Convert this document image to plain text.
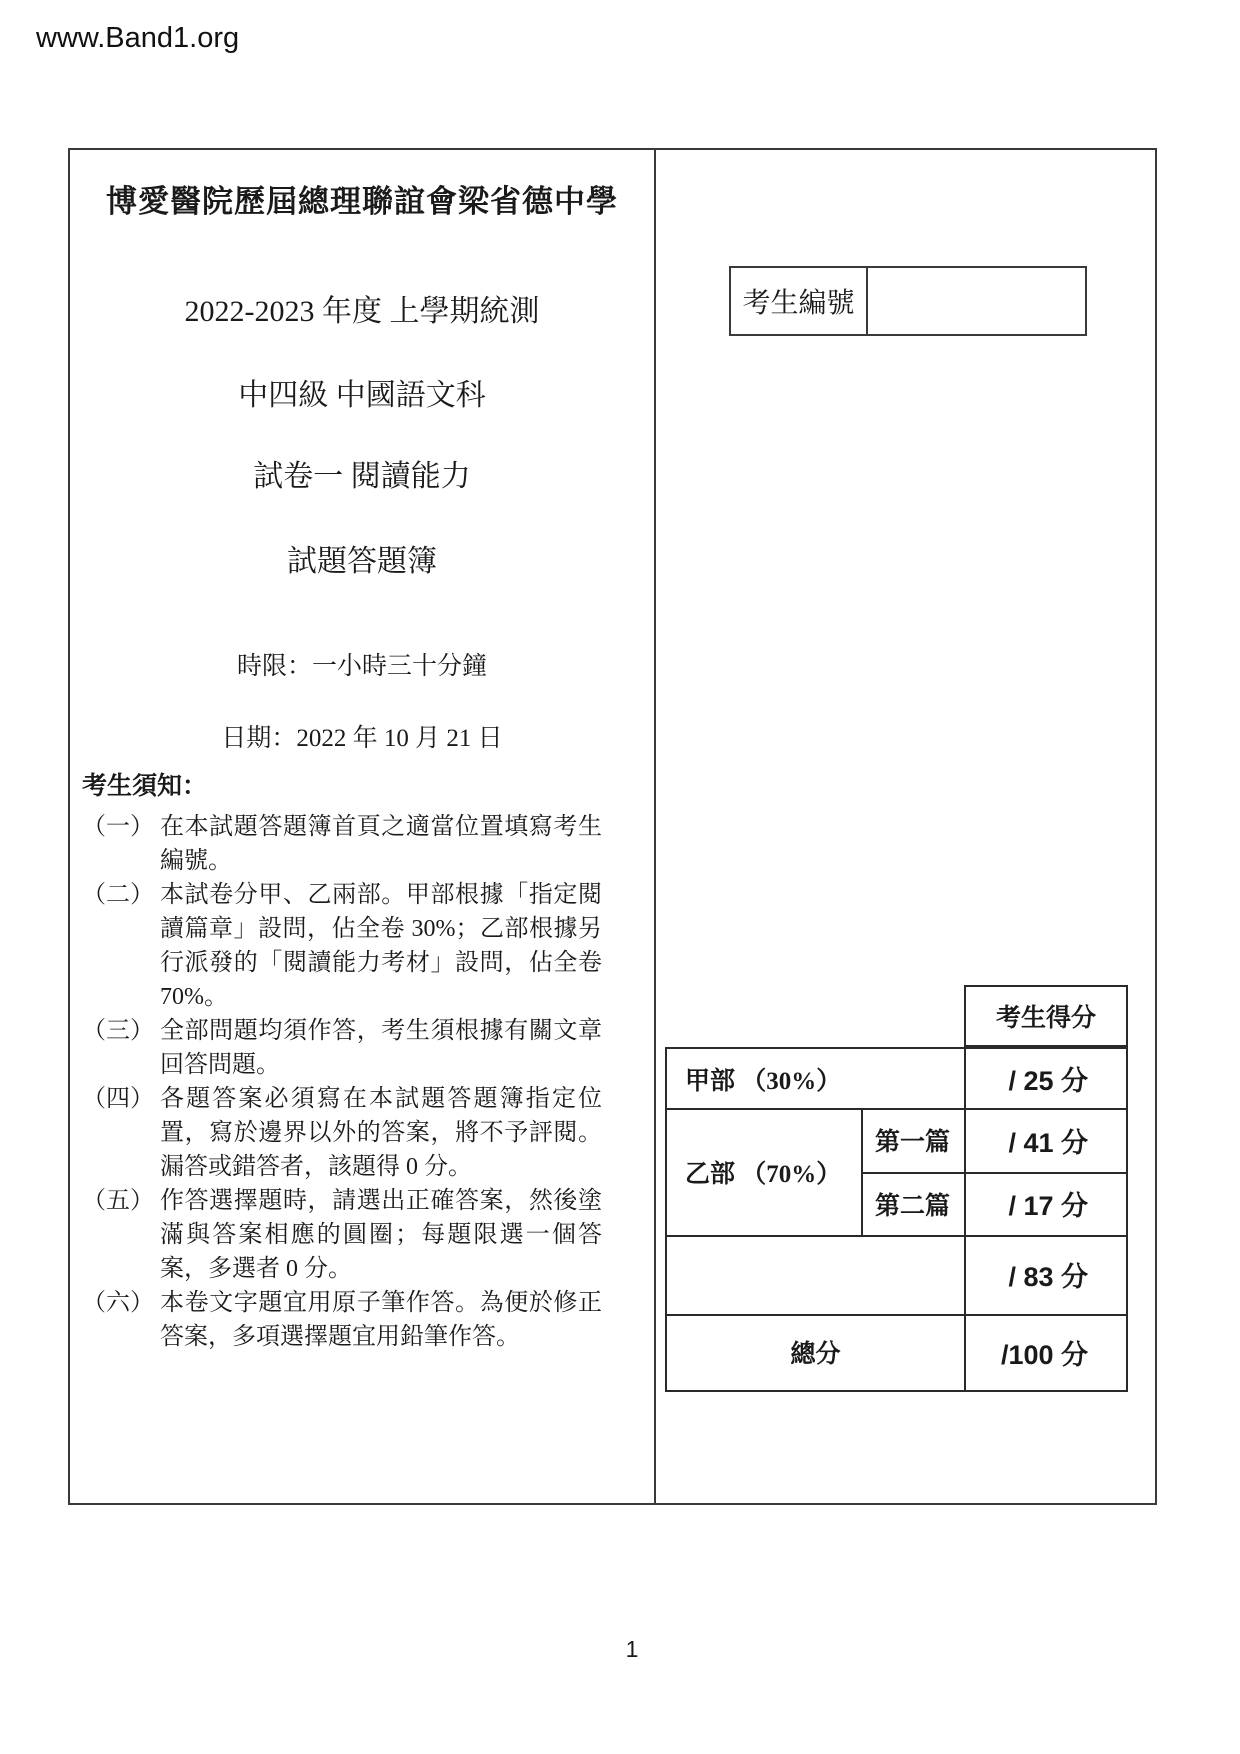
www.Band1.org
博愛醫院歷屆總理聯誼會梁省德中學
2022-2023 年度 上學期統測
中四級 中國語文科
試卷一 閱讀能力
試題答題簿
時限：一小時三十分鐘
日期：2022 年 10 月 21 日
考生須知：
（一） 在本試題答題簿首頁之適當位置填寫考生編號。
（二） 本試卷分甲、乙兩部。甲部根據「指定閱讀篇章」設問，佔全卷 30%；乙部根據另行派發的「閱讀能力考材」設問，佔全卷 70%。
（三） 全部問題均須作答，考生須根據有關文章回答問題。
（四） 各題答案必須寫在本試題答題簿指定位置，寫於邊界以外的答案，將不予評閱。漏答或錯答者，該題得 0 分。
（五） 作答選擇題時，請選出正確答案，然後塗滿與答案相應的圓圈；每題限選一個答案，多選者 0 分。
（六） 本卷文字題宜用原子筆作答。為便於修正答案，多項選擇題宜用鉛筆作答。
考生編號
考生得分
甲部 （30%）	/ 25 分
乙部 （70%）
第一篇	/ 41 分
第二篇	/ 17 分
/ 83 分
總分	/100 分
1
